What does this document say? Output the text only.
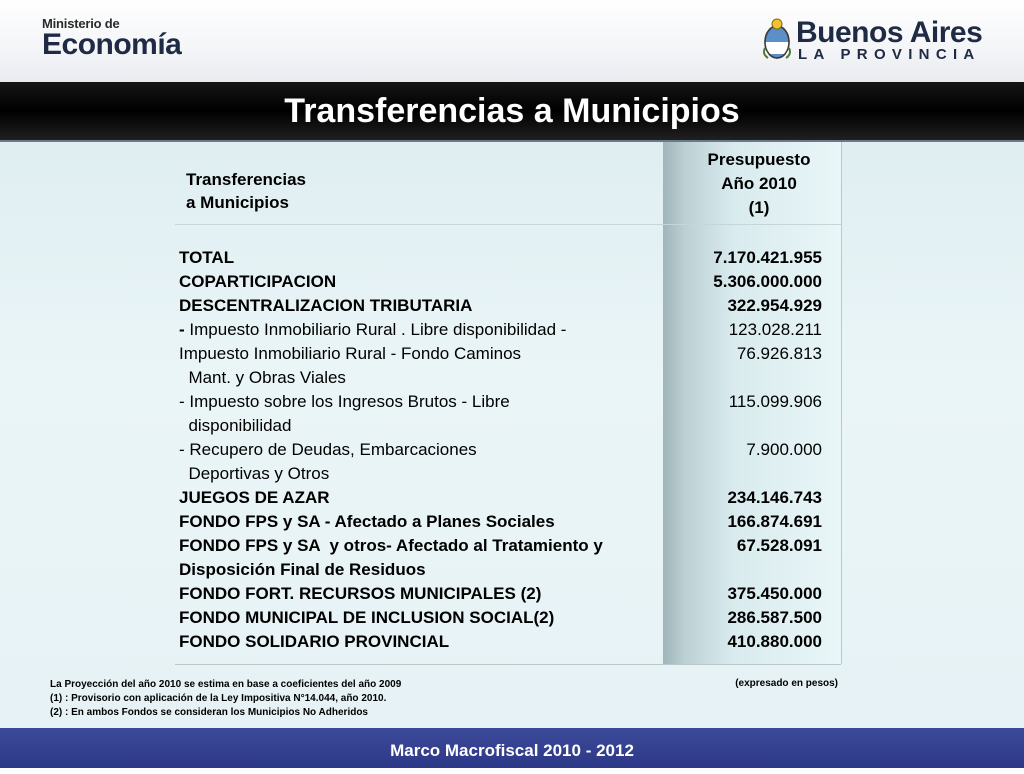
Ministerio de
Economía	Buenos Aires
LA PROVINCIA
Transferencias a Municipios
Transferencias
a Municipios
Presupuesto
Año 2010
(1)
TOTAL	7.170.421.955
COPARTICIPACION	5.306.000.000
DESCENTRALIZACION TRIBUTARIA	322.954.929
- Impuesto Inmobiliario Rural . Libre disponibilidad -	123.028.211
Impuesto Inmobiliario Rural - Fondo Caminos	76.926.813
Mant. y Obras Viales
- Impuesto sobre los Ingresos Brutos - Libre	115.099.906
disponibilidad
- Recupero de Deudas, Embarcaciones	7.900.000
Deportivas y Otros
JUEGOS DE AZAR	234.146.743
FONDO FPS y SA - Afectado a Planes Sociales	166.874.691
FONDO FPS y SA  y otros- Afectado al Tratamiento y	67.528.091
Disposición Final de Residuos
FONDO FORT. RECURSOS MUNICIPALES (2)	375.450.000
FONDO MUNICIPAL DE INCLUSION SOCIAL(2)	286.587.500
FONDO SOLIDARIO PROVINCIAL	410.880.000
La Proyección del año 2010 se estima en base a coeficientes del año 2009
(1) : Provisorio con aplicación de la Ley Impositiva N°14.044, año 2010.
(2) : En ambos Fondos se consideran los Municipios No Adheridos
(expresado en pesos)
Marco Macrofiscal 2010 - 2012
